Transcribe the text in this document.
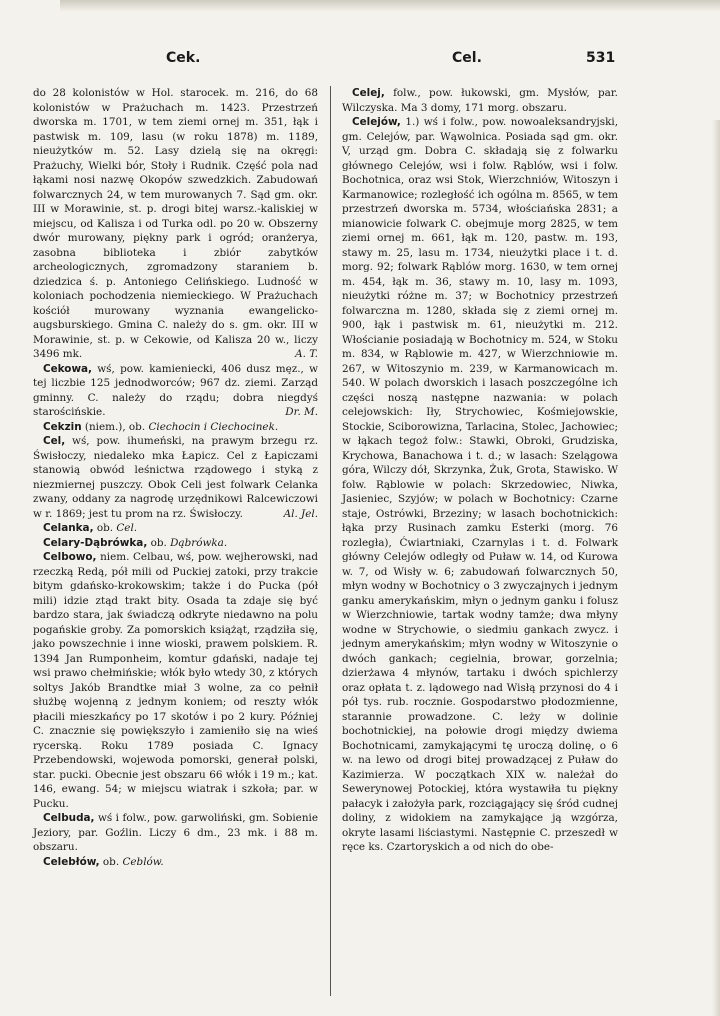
Cek.	Cel.	531

do 28 kolonistów w Hol. starocek. m. 216, do 68 kolonistów w Prażuchach m. 1423. Przestrzeń dworska m. 1701, w tem ziemi ornej m. 351, łąk i pastwisk m. 109, lasu (w roku 1878) m. 1189, nieużytków m. 52. Lasy dzielą się na okręgi: Prażuchy, Wielki bór, Stoły i Rudnik. Część pola nad łąkami nosi nazwę Okopów szwedzkich. Zabudowań folwarcznych 24, w tem murowanych 7. Sąd gm. okr. III w Morawinie, st. p. drogi bitej warsz.-kaliskiej w miejscu, od Kalisza i od Turka odl. po 20 w. Obszerny dwór murowany, piękny park i ogród; oranżerya, zasobna biblioteka i zbiór zabytków archeologicznych, zgromadzony staraniem b. dziedzica ś. p. Antoniego Celińskiego. Ludność w koloniach pochodzenia niemieckiego. W Prażuchach kościół murowany wyznania ewangelicko-augsburskiego. Gmina C. należy do s. gm. okr. III w Morawinie, st. p. w Cekowie, od Kalisza 20 w., liczy 3496 mk.	A. T.

Cekowa, wś, pow. kamieniecki, 406 dusz męz., w tej liczbie 125 jednodworców; 967 dz. ziemi. Zarząd gminny. C. należy do rządu; dobra niegdyś starościńskie.	Dr. M.

Cekzin (niem.), ob. Ciechocin i Ciechocinek.

Cel, wś, pow. ihumeński, na prawym brzegu rz. Świsłoczy, niedaleko mka Łapicz. Cel z Łapiczami stanowią obwód leśnictwa rządowego i styką z niezmiernej puszczy. Obok Celi jest folwark Celanka zwany, oddany za nagrodę urzędnikowi Ralcewiczowi w r. 1869; jest tu prom na rz. Świsłoczy.	Al. Jel.

Celanka, ob. Cel.

Celary-Dąbrówka, ob. Dąbrówka.

Celbowo, niem. Celbau, wś, pow. wejherowski, nad rzeczką Redą, pół mili od Puckiej zatoki, przy trakcie bitym gdańsko-krokowskim; także i do Pucka (pół mili) idzie ztąd trakt bity. Osada ta zdaje się być bardzo stara, jak świadczą odkryte niedawno na polu pogańskie groby. Za pomorskich książąt, rządziła się, jako powszechnie i inne wioski, prawem polskiem. R. 1394 Jan Rumponheim, komtur gdański, nadaje tej wsi prawo chełmińskie; włók było wtedy 30, z których soltys Jakób Brandtke miał 3 wolne, za co pełnił służbę wojenną z jednym koniem; od reszty włók płacili mieszkańcy po 17 skotów i po 2 kury. Później C. znacznie się powiększyło i zamieniło się na wieś rycerską. Roku 1789 posiada C. Ignacy Przebendowski, wojewoda pomorski, generał polski, star. pucki. Obecnie jest obszaru 66 włók i 19 m.; kat. 146, ewang. 54; w miejscu wiatrak i szkoła; par. w Pucku.

Celbuda, wś i folw., pow. garwoliński, gm. Sobienie Jeziory, par. Goźlin. Liczy 6 dm., 23 mk. i 88 m. obszaru.

Celebłów, ob. Ceblów.

Celej, folw., pow. łukowski, gm. Mysłów, par. Wilczyska. Ma 3 domy, 171 morg. obszaru.

Celejów, 1.) wś i folw., pow. nowoaleksandryjski, gm. Celejów, par. Wąwolnica. Posiada sąd gm. okr. V, urząd gm. Dobra C. składają się z folwarku głównego Celejów, wsi i folw. Rąblów, wsi i folw. Bochotnica, oraz wsi Stok, Wierzchniów, Witoszyn i Karmanowice; rozległość ich ogólna m. 8565, w tem przestrzeń dworska m. 5734, włościańska 2831; a mianowicie folwark C. obejmuje morg 2825, w tem ziemi ornej m. 661, łąk m. 120, pastw. m. 193, stawy m. 25, lasu m. 1734, nieużytki place i t. d. morg. 92; folwark Rąblów morg. 1630, w tem ornej m. 454, łąk m. 36, stawy m. 10, lasy m. 1093, nieużytki różne m. 37; w Bochotnicy przestrzeń folwarczna m. 1280, składa się z ziemi ornej m. 900, łąk i pastwisk m. 61, nieużytki m. 212. Włościanie posiadają w Bochotnicy m. 524, w Stoku m. 834, w Rąblowie m. 427, w Wierzchniowie m. 267, w Witoszynio m. 239, w Karmanowicach m. 540. W polach dworskich i lasach poszczególne ich części noszą następne nazwania: w polach celejowskich: Iły, Strychowiec, Kośmiejowskie, Stockie, Sciborowizna, Tarlacina, Stolec, Jachowiec; w łąkach tegoż folw.: Stawki, Obroki, Grudziska, Krychowa, Banachowa i t. d.; w lasach: Szelągowa góra, Wilczy dół, Skrzynka, Żuk, Grota, Stawisko. W folw. Rąblowie w polach: Skrzedowiec, Niwka, Jasieniec, Szyjów; w polach w Bochotnicy: Czarne staje, Ostrówki, Brzeziny; w lasach bochotnickich: łąka przy Rusinach zamku Esterki (morg. 76 rozległa), Ćwiartniaki, Czarnylas i t. d. Folwark główny Celejów odległy od Puław w. 14, od Kurowa w. 7, od Wisły w. 6; zabudowań folwarcznych 50, młyn wodny w Bochotnicy o 3 zwyczajnych i jednym ganku amerykańskim, młyn o jednym ganku i folusz w Wierzchniowie, tartak wodny tamże; dwa młyny wodne w Strychowie, o siedmiu gankach zwycz. i jednym amerykańskim; młyn wodny w Witoszynie o dwóch gankach; cegielnia, browar, gorzelnia; dzierżawa 4 młynów, tartaku i dwóch spichlerzy oraz opłata t. z. lądowego nad Wisłą przynosi do 4 i pół tys. rub. rocznie. Gospodarstwo płodozmienne, starannie prowadzone. C. leży w dolinie bochotnickiej, na połowie drogi między dwiema Bochotnicami, zamykającymi tę uroczą dolinę, o 6 w. na lewo od drogi bitej prowadzącej z Puław do Kazimierza. W początkach XIX w. należał do Sewerynowej Potockiej, która wystawiła tu piękny pałacyk i założyła park, rozciągający się śród cudnej doliny, z widokiem na zamykające ją wzgórza, okryte lasami liściastymi. Następnie C. przeszedł w ręce ks. Czartoryskich a od nich do obe-
